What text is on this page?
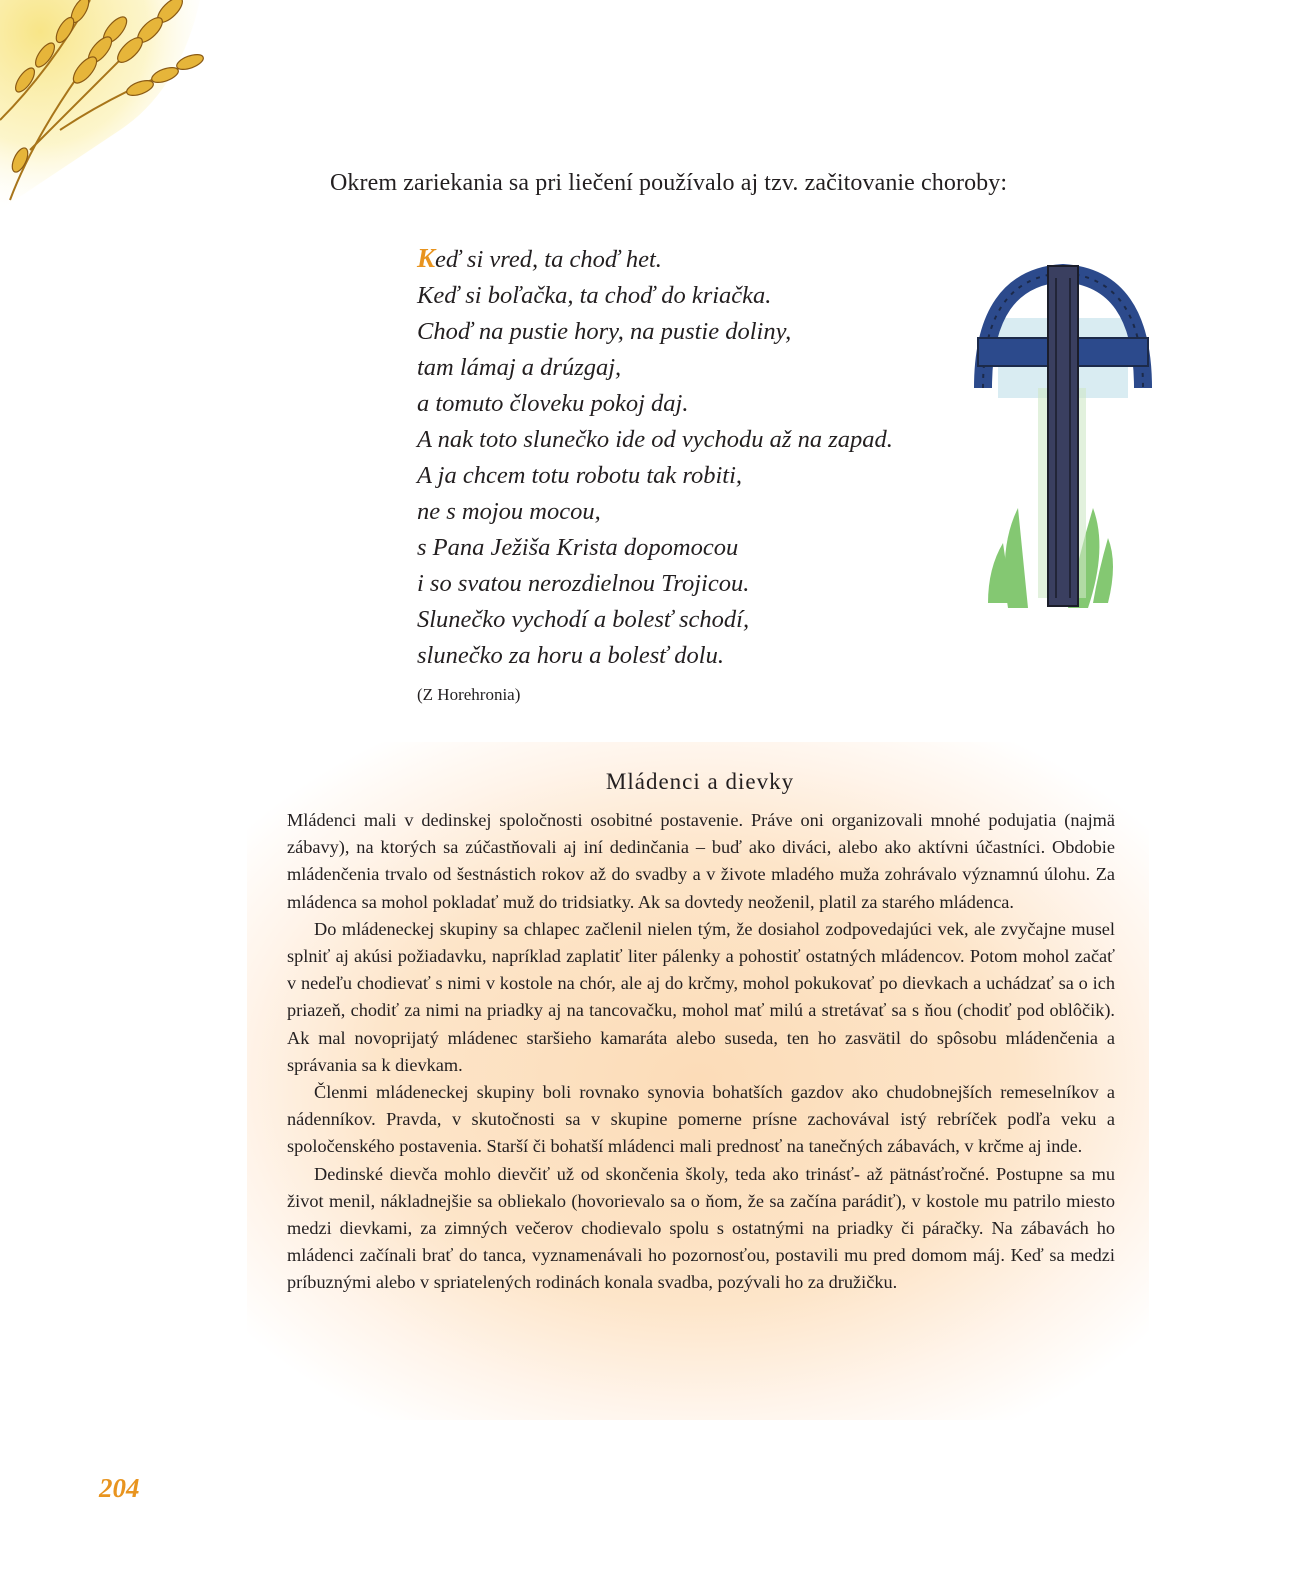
Okrem zariekania sa pri liečení používalo aj tzv. začitovanie choroby:

Keď si vred, ta choď het.
Keď si boľačka, ta choď do kriačka.
Choď na pustie hory, na pustie doliny,
tam lámaj a drúzgaj,
a tomuto človeku pokoj daj.
A nak toto slunečko ide od vychodu až na zapad.
A ja chcem totu robotu tak robiti,
ne s mojou mocou,
s Pana Ježiša Krista dopomocou
i so svatou nerozdielnou Trojicou.
Slunečko vychodí a bolesť schodí,
slunečko za horu a bolesť dolu.
(Z Horehronia)
Mládenci a dievky

Mládenci mali v dedinskej spoločnosti osobitné postavenie. Práve oni organizovali mnohé podujatia (najmä zábavy), na ktorých sa zúčastňovali aj iní dedinčania – buď ako diváci, alebo ako aktívni účastníci. Obdobie mládenčenia trvalo od šestnástich rokov až do svadby a v živote mladého muža zohrávalo významnú úlohu. Za mládenca sa mohol pokladať muž do tridsiatky. Ak sa dovtedy neoženil, platil za starého mládenca.

Do mládeneckej skupiny sa chlapec začlenil nielen tým, že dosiahol zodpovedajúci vek, ale zvyčajne musel splniť aj akúsi požiadavku, napríklad zaplatiť liter pálenky a pohostiť ostatných mládencov. Potom mohol začať v nedeľu chodievať s nimi v kostole na chór, ale aj do krčmy, mohol pokukovať po dievkach a uchádzať sa o ich priazeň, chodiť za nimi na priadky aj na tancovačku, mohol mať milú a stretávať sa s ňou (chodiť pod oblôčik). Ak mal novoprijatý mládenec staršieho kamaráta alebo suseda, ten ho zasvätil do spôsobu mládenčenia a správania sa k dievkam.

Členmi mládeneckej skupiny boli rovnako synovia bohatších gazdov ako chudobnejších remeselníkov a nádenníkov. Pravda, v skutočnosti sa v skupine pomerne prísne zachovával istý rebríček podľa veku a spoločenského postavenia. Starší či bohatší mládenci mali prednosť na tanečných zábavách, v krčme aj inde.

Dedinské dievča mohlo dievčiť už od skončenia školy, teda ako trinásť- až pätnásťročné. Postupne sa mu život menil, nákladnejšie sa obliekalo (hovorievalo sa o ňom, že sa začína parádiť), v kostole mu patrilo miesto medzi dievkami, za zimných večerov chodievalo spolu s ostatnými na priadky či páračky. Na zábavách ho mládenci začínali brať do tanca, vyznamenávali ho pozornosťou, postavili mu pred domom máj. Keď sa medzi príbuznými alebo v spriatelených rodinách konala svadba, pozývali ho za družičku.

204
